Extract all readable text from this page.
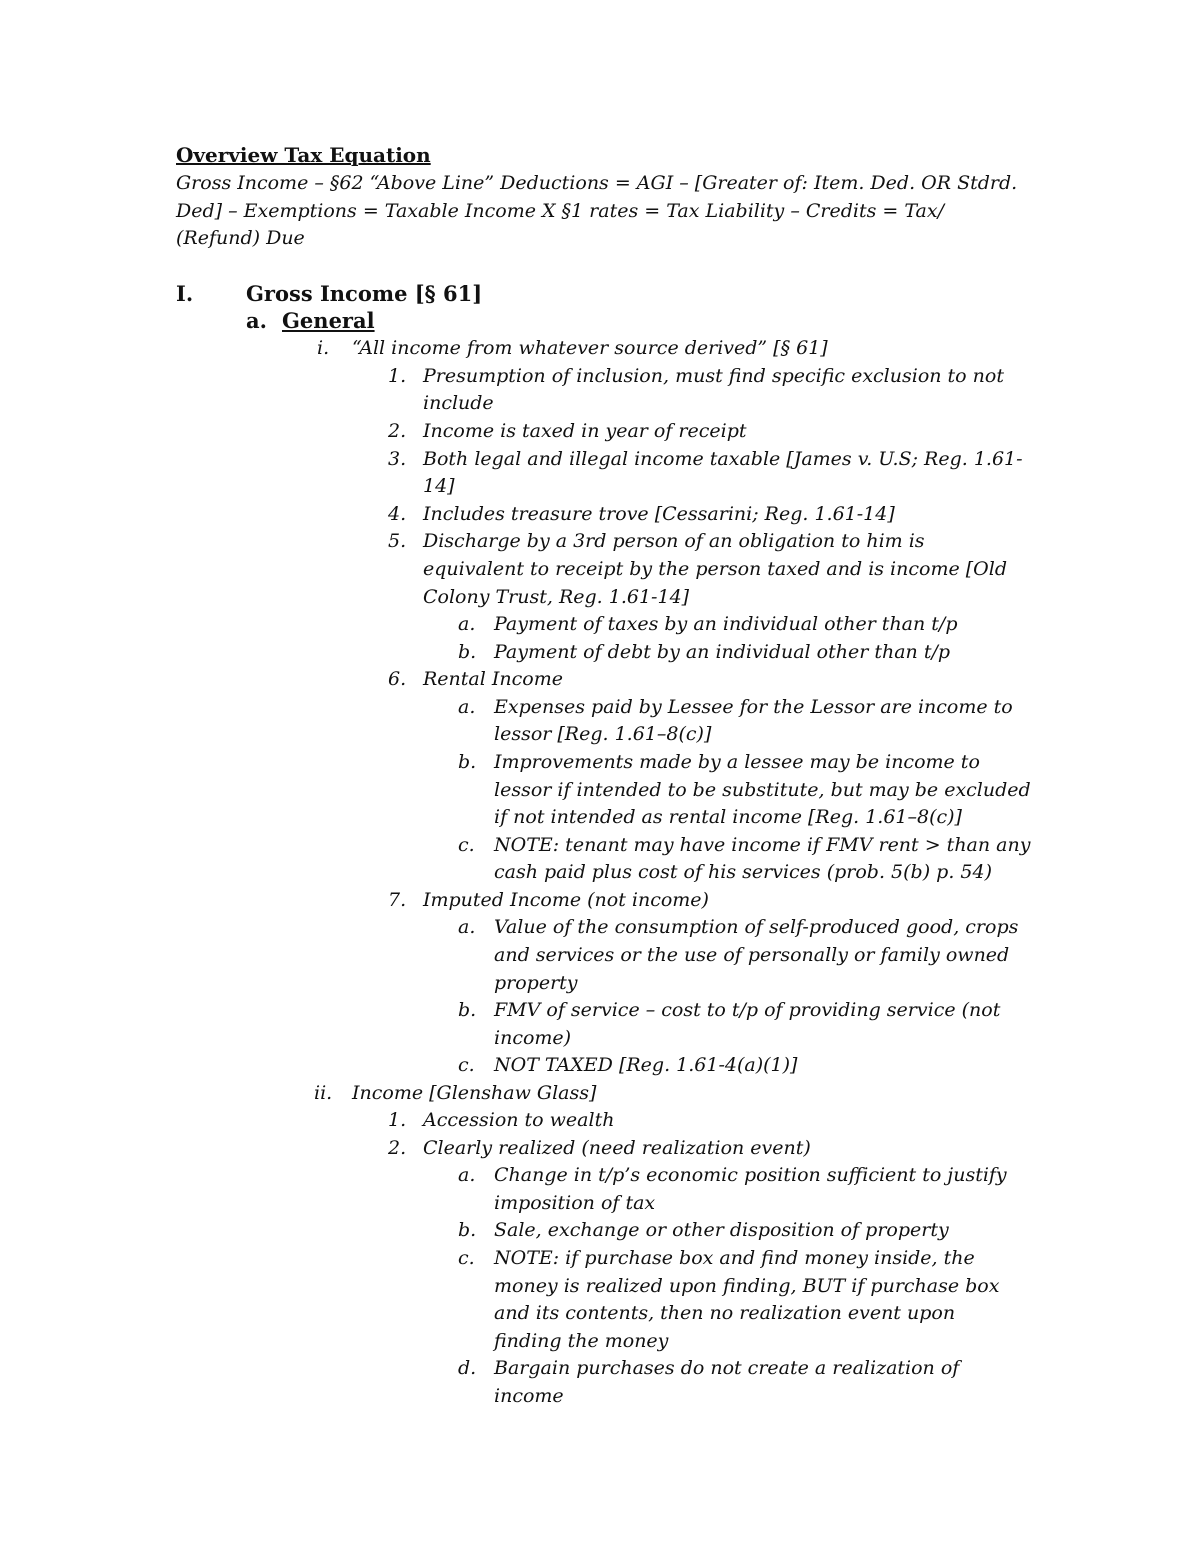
Overview Tax Equation
Gross Income – §62 “Above Line” Deductions = AGI – [Greater of: Item. Ded. OR Stdrd.
Ded] – Exemptions = Taxable Income X §1 rates = Tax Liability – Credits = Tax/
(Refund) Due
I.	Gross Income [§ 61]
a. General
i. “All income from whatever source derived” [§ 61]
1. Presumption of inclusion, must find specific exclusion to not
include
2. Income is taxed in year of receipt
3. Both legal and illegal income taxable [James v. U.S; Reg. 1.61-
14]
4. Includes treasure trove [Cessarini; Reg. 1.61-14]
5. Discharge by a 3rd person of an obligation to him is
equivalent to receipt by the person taxed and is income [Old
Colony Trust, Reg. 1.61-14]
a. Payment of taxes by an individual other than t/p
b. Payment of debt by an individual other than t/p
6. Rental Income
a. Expenses paid by Lessee for the Lessor are income to
lessor [Reg. 1.61–8(c)]
b. Improvements made by a lessee may be income to
lessor if intended to be substitute, but may be excluded
if not intended as rental income [Reg. 1.61–8(c)]
c. NOTE: tenant may have income if FMV rent > than any
cash paid plus cost of his services (prob. 5(b) p. 54)
7. Imputed Income (not income)
a. Value of the consumption of self-produced good, crops
and services or the use of personally or family owned
property
b. FMV of service – cost to t/p of providing service (not
income)
c. NOT TAXED [Reg. 1.61-4(a)(1)]
ii. Income [Glenshaw Glass]
1. Accession to wealth
2. Clearly realized (need realization event)
a. Change in t/p’s economic position sufficient to justify
imposition of tax
b. Sale, exchange or other disposition of property
c. NOTE: if purchase box and find money inside, the
money is realized upon finding, BUT if purchase box
and its contents, then no realization event upon
finding the money
d. Bargain purchases do not create a realization of
income
